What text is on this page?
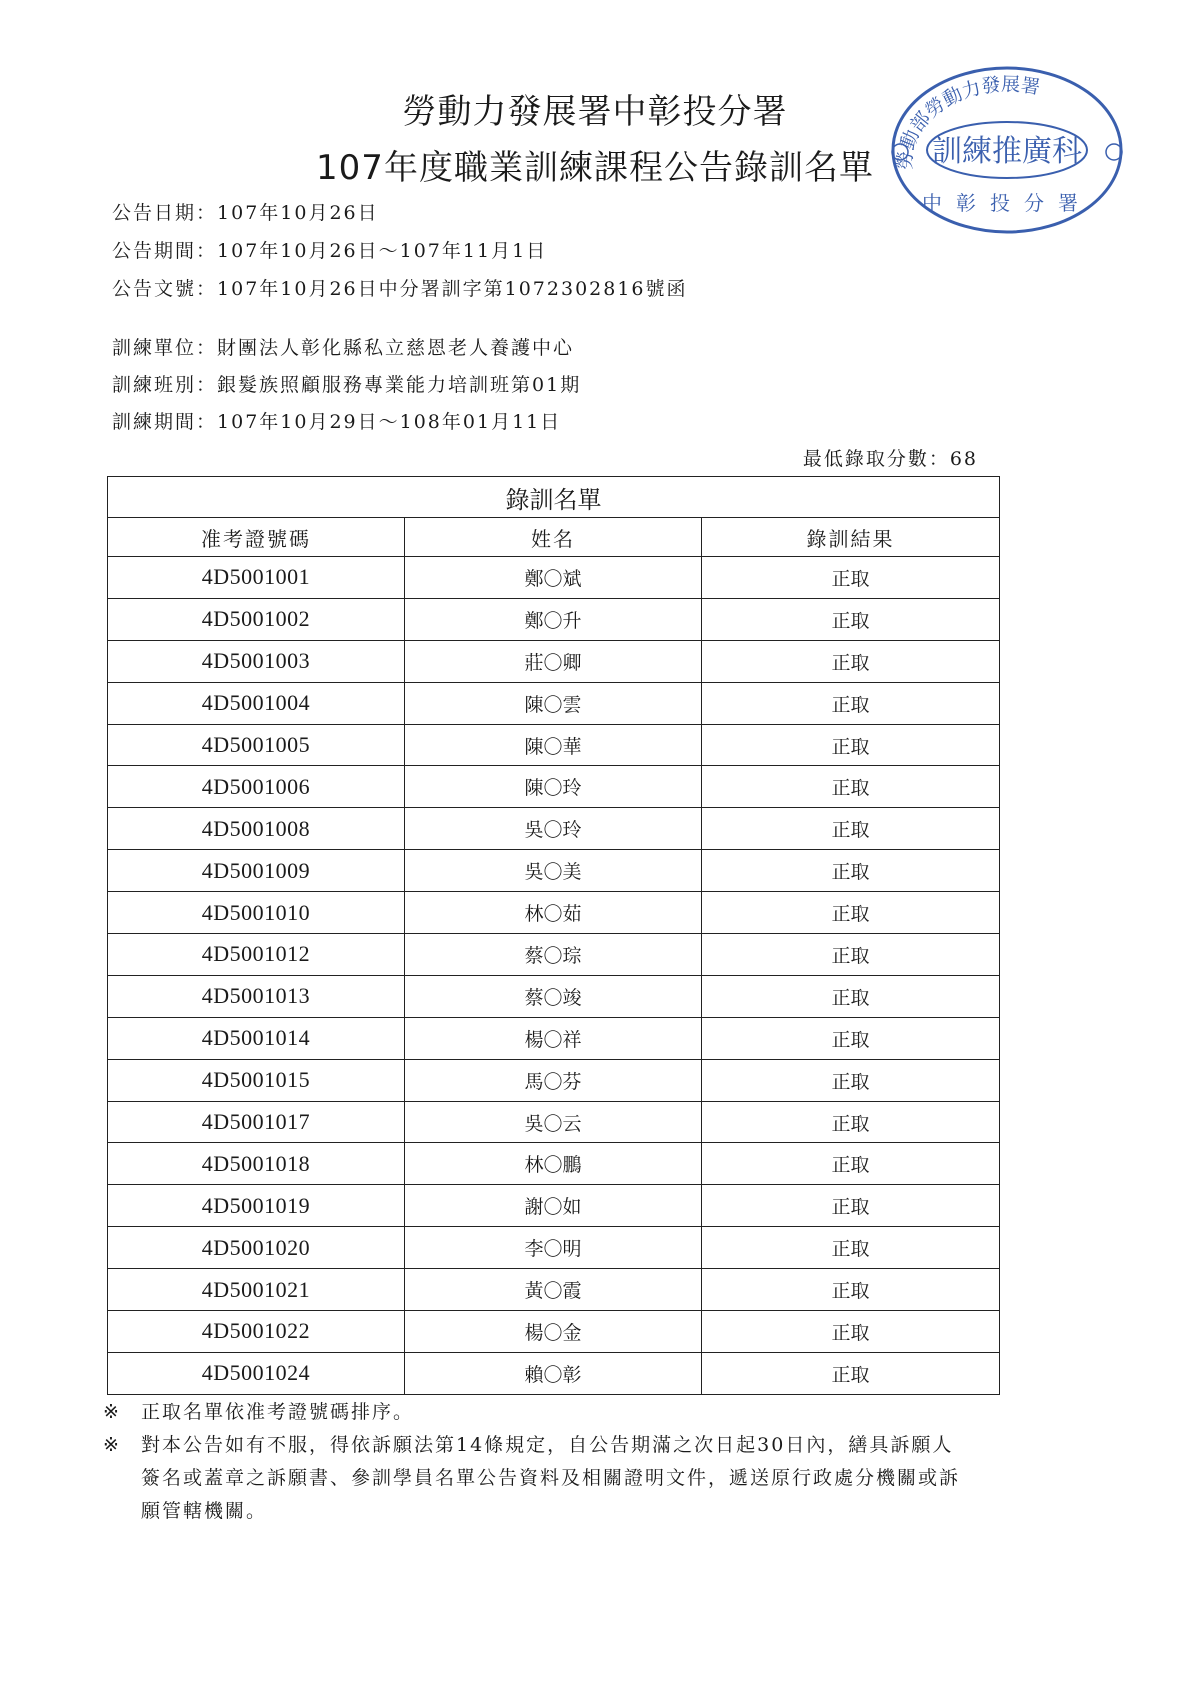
勞動力發展署中彰投分署
107年度職業訓練課程公告錄訓名單	勞動部勞動力發展署
訓練推廣科
中彰投分署
公告日期：107年10月26日
公告期間：107年10月26日～107年11月1日
公告文號：107年10月26日中分署訓字第1072302816號函
訓練單位：財團法人彰化縣私立慈恩老人養護中心
訓練班別：銀髮族照顧服務專業能力培訓班第01期
訓練期間：107年10月29日～108年01月11日
最低錄取分數：68
錄訓名單		
准考證號碼	姓名	錄訓結果
4D5001001	鄭〇斌	正取
4D5001002	鄭〇升	正取
4D5001003	莊〇卿	正取
4D5001004	陳〇雲	正取
4D5001005	陳〇華	正取
4D5001006	陳〇玲	正取
4D5001008	吳〇玲	正取
4D5001009	吳〇美	正取
4D5001010	林〇茹	正取
4D5001012	蔡〇琮	正取
4D5001013	蔡〇竣	正取
4D5001014	楊〇祥	正取
4D5001015	馬〇芬	正取
4D5001017	吳〇云	正取
4D5001018	林〇鵬	正取
4D5001019	謝〇如	正取
4D5001020	李〇明	正取
4D5001021	黃〇霞	正取
4D5001022	楊〇金	正取
4D5001024	賴〇彰	正取
※ 正取名單依准考證號碼排序。
※ 對本公告如有不服，得依訴願法第14條規定，自公告期滿之次日起30日內，繕具訴願人簽名或蓋章之訴願書、參訓學員名單公告資料及相關證明文件，遞送原行政處分機關或訴願管轄機關。
